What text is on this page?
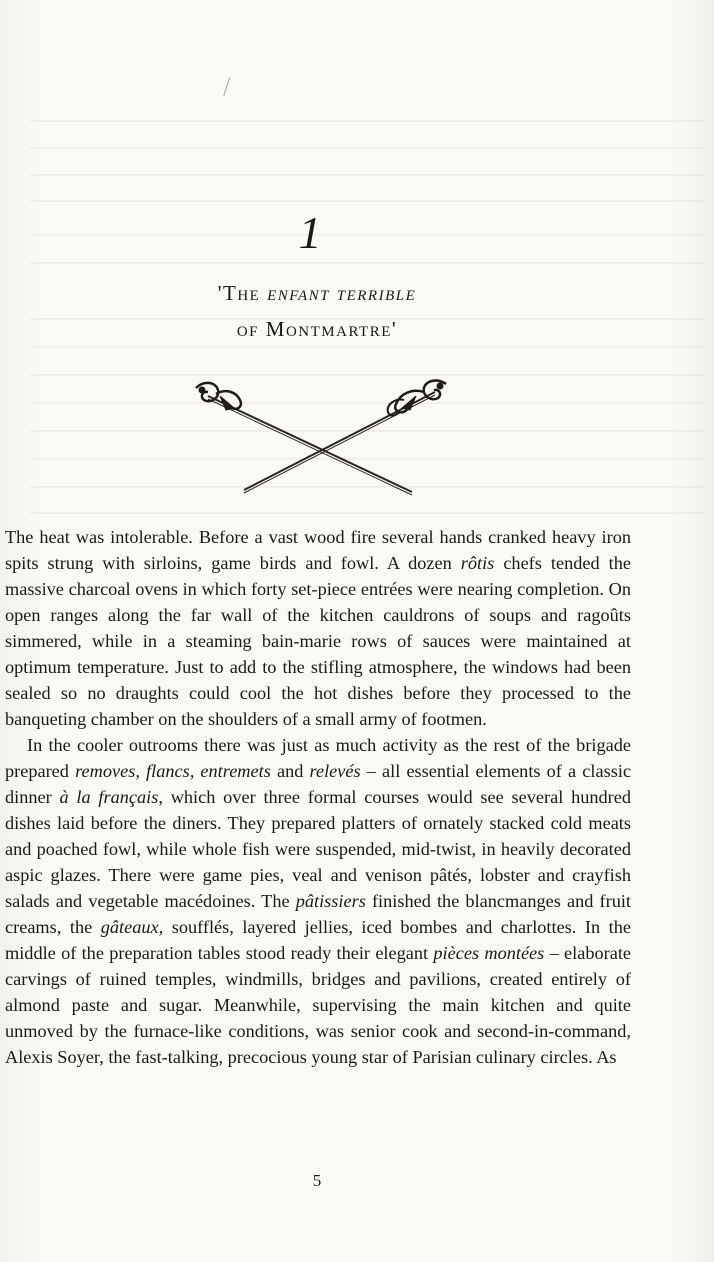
1
'The enfant terrible
of Montmartre'

The heat was intolerable. Before a vast wood fire several hands cranked heavy iron spits strung with sirloins, game birds and fowl. A dozen rôtis chefs tended the massive charcoal ovens in which forty set-piece entrées were nearing completion. On open ranges along the far wall of the kitchen cauldrons of soups and ragoûts simmered, while in a steaming bain-marie rows of sauces were maintained at optimum temperature. Just to add to the stifling atmosphere, the windows had been sealed so no draughts could cool the hot dishes before they processed to the banqueting chamber on the shoulders of a small army of footmen.

In the cooler outrooms there was just as much activity as the rest of the brigade prepared removes, flancs, entremets and relevés – all essential elements of a classic dinner à la français, which over three formal courses would see several hundred dishes laid before the diners. They prepared platters of ornately stacked cold meats and poached fowl, while whole fish were suspended, mid-twist, in heavily decorated aspic glazes. There were game pies, veal and venison pâtés, lobster and crayfish salads and vegetable macédoines. The pâtissiers finished the blancmanges and fruit creams, the gâteaux, soufflés, layered jellies, iced bombes and charlottes. In the middle of the preparation tables stood ready their elegant pièces montées – elaborate carvings of ruined temples, windmills, bridges and pavilions, created entirely of almond paste and sugar. Meanwhile, supervising the main kitchen and quite unmoved by the furnace-like conditions, was senior cook and second-in-command, Alexis Soyer, the fast-talking, precocious young star of Parisian culinary circles. As

5
